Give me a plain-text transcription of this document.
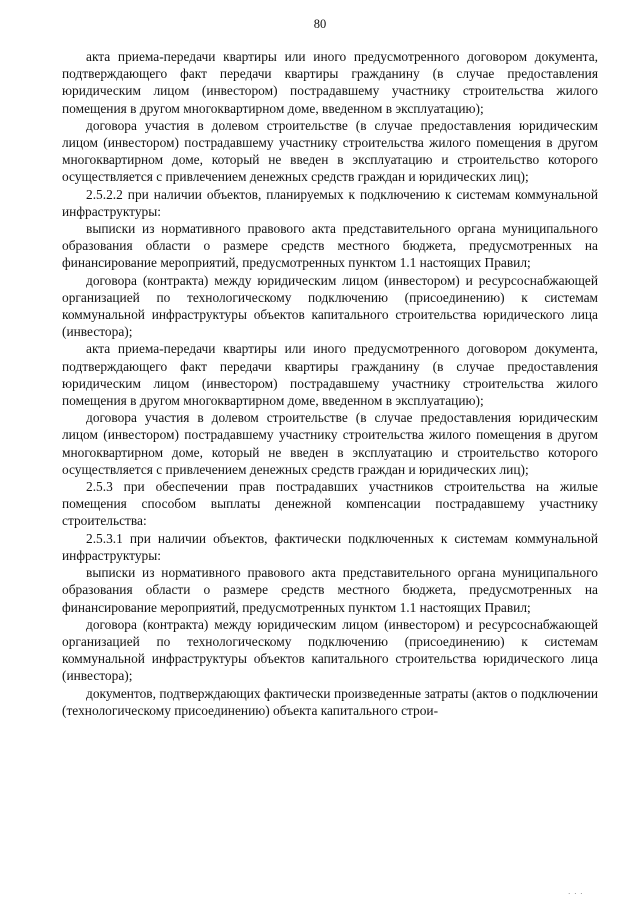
80

акта приема-передачи квартиры или иного предусмотренного договором документа, подтверждающего факт передачи квартиры гражданину (в случае предоставления юридическим лицом (инвестором) пострадавшему участнику строительства жилого помещения в другом многоквартирном доме, введенном в эксплуатацию);

договора участия в долевом строительстве (в случае предоставления юридическим лицом (инвестором) пострадавшему участнику строительства жилого помещения в другом многоквартирном доме, который не введен в эксплуатацию и строительство которого осуществляется с привлечением денежных средств граждан и юридических лиц);

2.5.2.2 при наличии объектов, планируемых к подключению к системам коммунальной инфраструктуры:

выписки из нормативного правового акта представительного органа муниципального образования области о размере средств местного бюджета, предусмотренных на финансирование мероприятий, предусмотренных пунктом 1.1 настоящих Правил;

договора (контракта) между юридическим лицом (инвестором) и ресурсоснабжающей организацией по технологическому подключению (присоединению) к системам коммунальной инфраструктуры объектов капитального строительства юридического лица (инвестора);

акта приема-передачи квартиры или иного предусмотренного договором документа, подтверждающего факт передачи квартиры гражданину (в случае предоставления юридическим лицом (инвестором) пострадавшему участнику строительства жилого помещения в другом многоквартирном доме, введенном в эксплуатацию);

договора участия в долевом строительстве (в случае предоставления юридическим лицом (инвестором) пострадавшему участнику строительства жилого помещения в другом многоквартирном доме, который не введен в эксплуатацию и строительство которого осуществляется с привлечением денежных средств граждан и юридических лиц);

2.5.3 при обеспечении прав пострадавших участников строительства на жилые помещения способом выплаты денежной компенсации пострадавшему участнику строительства:

2.5.3.1 при наличии объектов, фактически подключенных к системам коммунальной инфраструктуры:

выписки из нормативного правового акта представительного органа муниципального образования области о размере средств местного бюджета, предусмотренных на финансирование мероприятий, предусмотренных пунктом 1.1 настоящих Правил;

договора (контракта) между юридическим лицом (инвестором) и ресурсоснабжающей организацией по технологическому подключению (присоединению) к системам коммунальной инфраструктуры объектов капитального строительства юридического лица (инвестора);

документов, подтверждающих фактически произведенные затраты (актов о подключении (технологическому присоединению) объекта капитального строи-

· · ·
